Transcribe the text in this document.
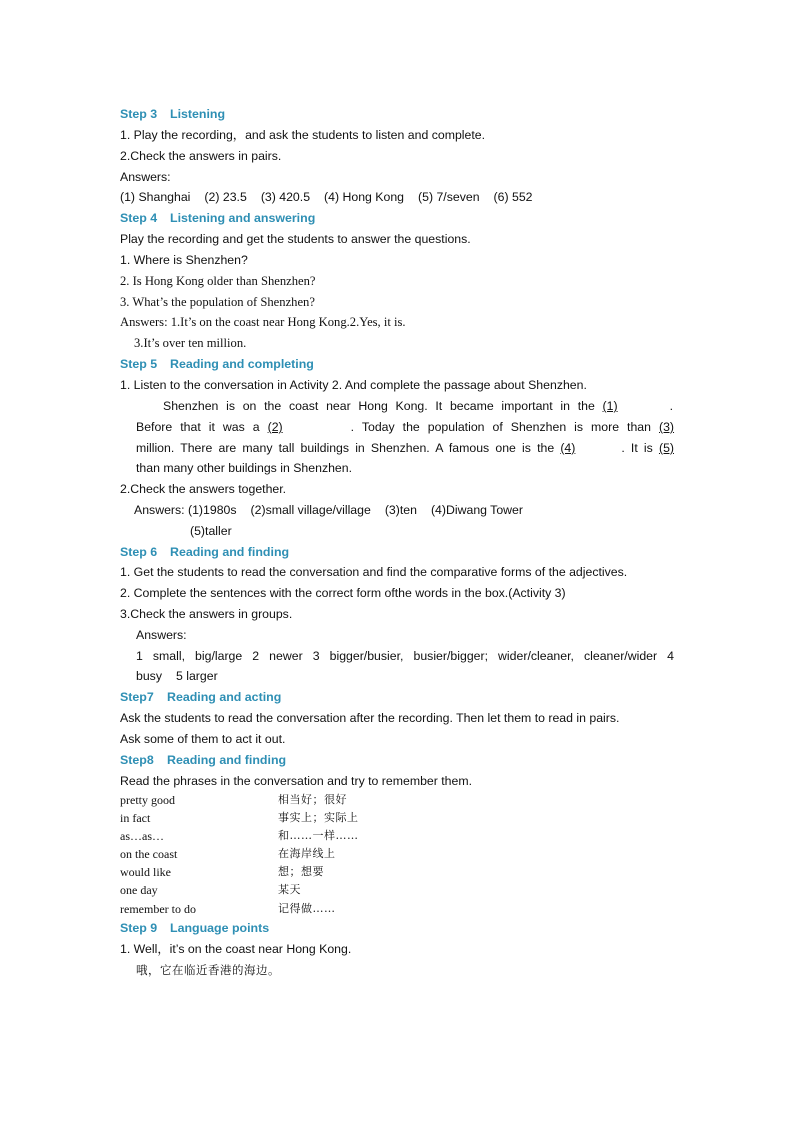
Step 3 Listening
1. Play the recording，and ask the students to listen and complete.
2.Check the answers in pairs.
Answers:
(1) Shanghai (2) 23.5 (3) 420.5 (4) Hong Kong (5) 7/seven (6) 552
Step 4 Listening and answering
Play the recording and get the students to answer the questions.
1. Where is Shenzhen?
2. Is Hong Kong older than Shenzhen?
3. What’s the population of Shenzhen?
Answers: 1.It’s on the coast near Hong Kong.2.Yes, it is.
3.It’s over ten million.
Step 5 Reading and completing
1. Listen to the conversation in Activity 2. And complete the passage about Shenzhen.
Shenzhen is on the coast near Hong Kong. It became important in the (1)	.
Before that it was a (2)	. Today the population of Shenzhen is more than (3)
million. There are many tall buildings in Shenzhen. A famous one is the (4)	. It is (5)
than many other buildings in Shenzhen.
2.Check the answers together.
Answers: (1)1980s (2)small village/village (3)ten (4)Diwang Tower
(5)taller
Step 6 Reading and finding
1. Get the students to read the conversation and find the comparative forms of the adjectives.
2. Complete the sentences with the correct form ofthe words in the box.(Activity 3)
3.Check the answers in groups.
Answers:
1 small, big/large 2 newer 3 bigger/busier, busier/bigger; wider/cleaner, cleaner/wider 4
busy 5 larger
Step7 Reading and acting
Ask the students to read the conversation after the recording. Then let them to read in pairs.
Ask some of them to act it out.
Step8 Reading and finding
Read the phrases in the conversation and try to remember them.
pretty good	相当好；很好
in fact	事实上；实际上
as…as…	和……一样……
on the coast	在海岸线上
would like	想；想要
one day	某天
remember to do	记得做……
Step 9 Language points
1. Well，it’s on the coast near Hong Kong.
哦，它在临近香港的海边。
